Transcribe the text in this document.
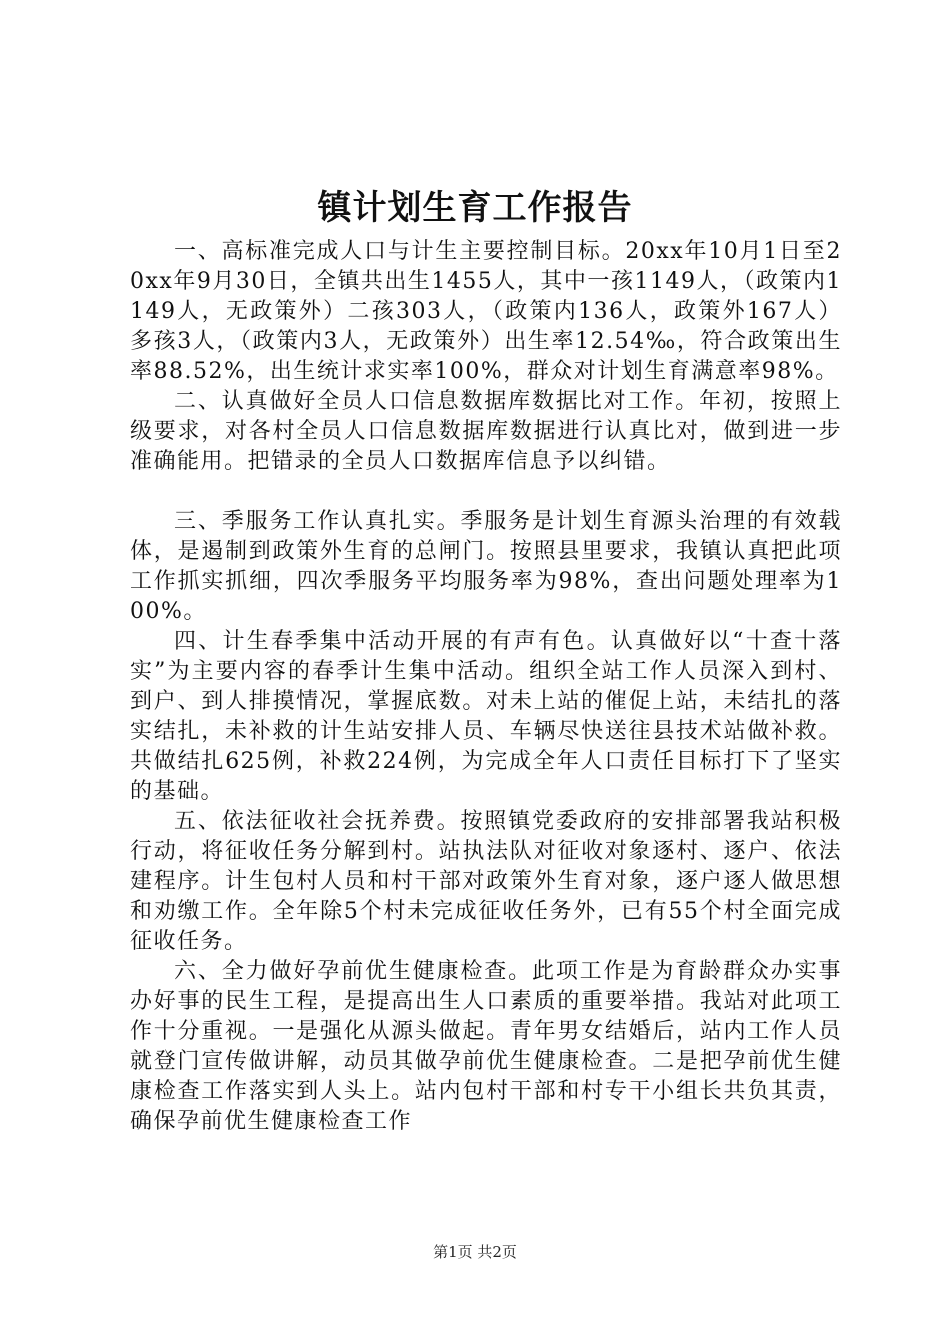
镇计划生育工作报告

一、高标准完成人口与计生主要控制目标。20xx年10月1日至20xx年9月30日，全镇共出生1455人，其中一孩1149人，（政策内1149人，无政策外）二孩303人，（政策内136人，政策外167人）多孩3人，（政策内3人，无政策外）出生率12.54‰，符合政策出生率88.52%，出生统计求实率100%，群众对计划生育满意率98%。

二、认真做好全员人口信息数据库数据比对工作。年初，按照上级要求，对各村全员人口信息数据库数据进行认真比对，做到进一步准确能用。把错录的全员人口数据库信息予以纠错。

三、季服务工作认真扎实。季服务是计划生育源头治理的有效载体，是遏制到政策外生育的总闸门。按照县里要求，我镇认真把此项工作抓实抓细，四次季服务平均服务率为98%，查出问题处理率为100%。

四、计生春季集中活动开展的有声有色。认真做好以“十查十落实”为主要内容的春季计生集中活动。组织全站工作人员深入到村、到户、到人排摸情况，掌握底数。对未上站的催促上站，未结扎的落实结扎，未补救的计生站安排人员、车辆尽快送往县技术站做补救。共做结扎625例，补救224例，为完成全年人口责任目标打下了坚实的基础。

五、依法征收社会抚养费。按照镇党委政府的安排部署我站积极行动，将征收任务分解到村。站执法队对征收对象逐村、逐户、依法建程序。计生包村人员和村干部对政策外生育对象，逐户逐人做思想和劝缴工作。全年除5个村未完成征收任务外，已有55个村全面完成征收任务。

六、全力做好孕前优生健康检查。此项工作是为育龄群众办实事办好事的民生工程，是提高出生人口素质的重要举措。我站对此项工作十分重视。一是强化从源头做起。青年男女结婚后，站内工作人员就登门宣传做讲解，动员其做孕前优生健康检查。二是把孕前优生健康检查工作落实到人头上。站内包村干部和村专干小组长共负其责，确保孕前优生健康检查工作

第1页 共2页
